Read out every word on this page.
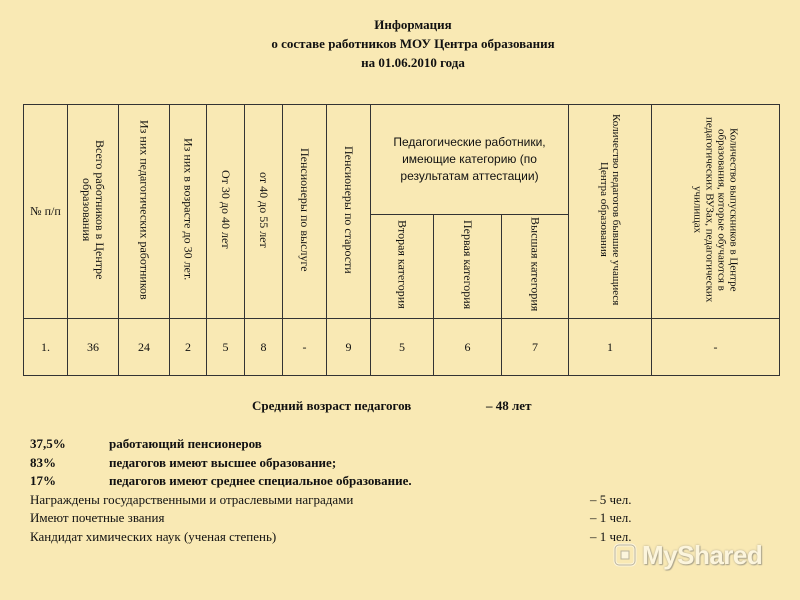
Информация
о составе работников МОУ Центра образования
на 01.06.2010 года
№ п/п	Всего работников в Центре образования	Из них педагогических работников	Из них в возрасте до 30 лет.	От 30 до 40 лет	от 40 до 55 лет	Пенсионеры по выслуге	Пенсионеры по старости	Педагогические работники, имеющие категорию (по результатам аттестации)			Количество педагогов бывшие учащиеся Центра образования	Количество выпускников в Центре образования, которые обучаются в педагогических ВУЗах, педагогических училищах
								Вторая категория	Первая категория	Высшая категория		
1.	36	24	2	5	8	-	9	5	6	7	1	-
Средний возраст педагогов	– 48 лет
37,5%	работающий пенсионеров
83%	педагогов имеют высшее образование;
17%	педагогов имеют среднее специальное образование.
Награждены государственными и отраслевыми наградами	– 5 чел.
Имеют почетные звания	– 1 чел.
Кандидат химических наук (ученая степень)	– 1 чел.
MyShared
